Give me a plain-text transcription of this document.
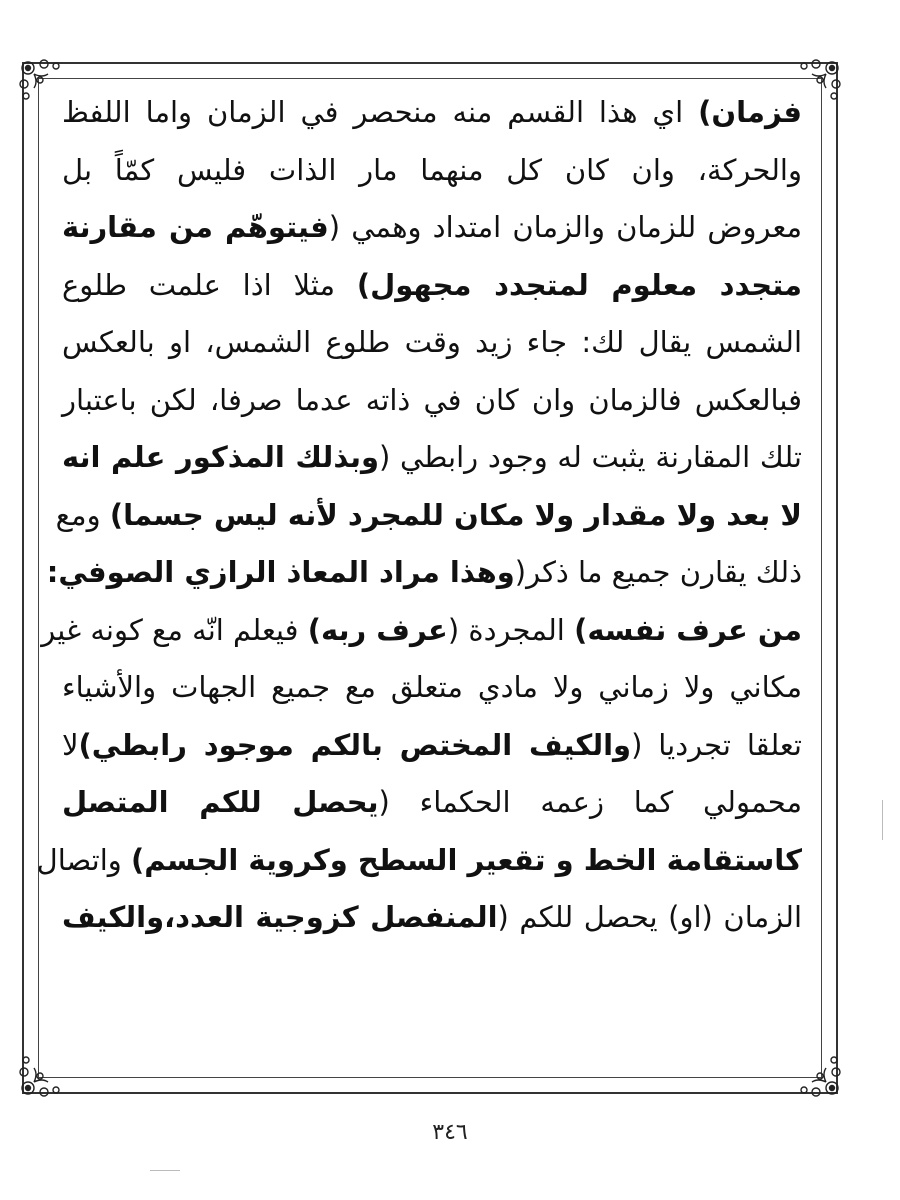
فزمان) اي هذا القسم منه منحصر في الزمان واما اللفظ
والحركة، وان كان كل منهما مار الذات فليس كمّاً بل
معروض للزمان والزمان امتداد وهمي (فيتوهّم من مقارنة
متجدد معلوم لمتجدد مجهول) مثلا اذا علمت طلوع
الشمس يقال لك: جاء زيد وقت طلوع الشمس، او بالعكس
فبالعكس فالزمان وان كان في ذاته عدما صرفا، لكن باعتبار
تلك المقارنة يثبت له وجود رابطي (وبذلك المذكور علم انه
لا بعد ولا مقدار ولا مكان للمجرد لأنه ليس جسما) ومع
ذلك يقارن جميع ما ذكر(وهذا مراد المعاذ الرازي الصوفي:
من عرف نفسه) المجردة (عرف ربه) فيعلم انّه مع كونه غير
مكاني ولا زماني ولا مادي متعلق مع جميع الجهات والأشياء
تعلقا تجرديا (والكيف المختص بالكم موجود رابطي)لا
محمولي كما زعمه الحكماء (يحصل للكم المتصل
كاستقامة الخط و تقعير السطح وكروية الجسم) واتصال
الزمان (او) يحصل للكم (المنفصل كزوجية العدد،والكيف
٣٤٦
